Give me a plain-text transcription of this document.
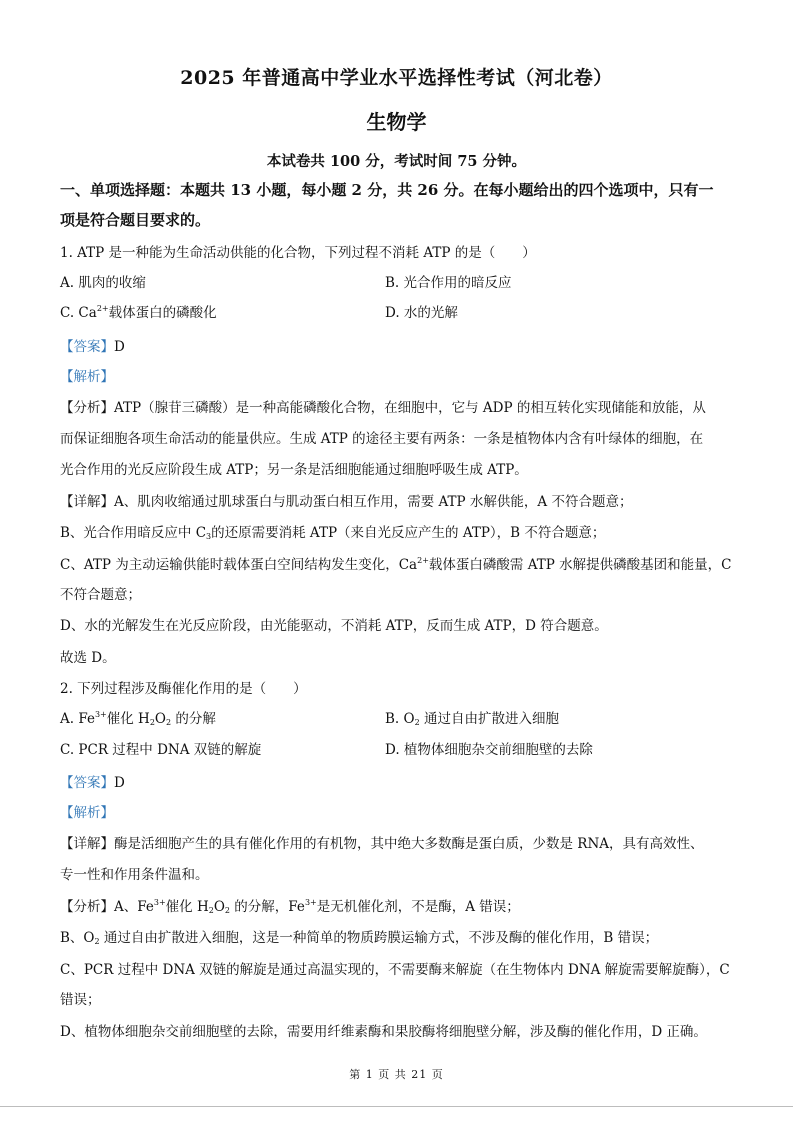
2025 年普通高中学业水平选择性考试（河北卷）
生物学
本试卷共 100 分，考试时间 75 分钟。
一、单项选择题：本题共 13 小题，每小题 2 分，共 26 分。在每小题给出的四个选项中，只有一
项是符合题目要求的。
1. ATP 是一种能为生命活动供能的化合物，下列过程不消耗 ATP 的是（　　）
A. 肌肉的收缩	B. 光合作用的暗反应
C. $Ca^{2+}$载体蛋白的磷酸化	D. 水的光解
【答案】D
【解析】
【分析】ATP（腺苷三磷酸）是一种高能磷酸化合物，在细胞中，它与 ADP 的相互转化实现储能和放能，从
而保证细胞各项生命活动的能量供应。生成 ATP 的途径主要有两条：一条是植物体内含有叶绿体的细胞，在
光合作用的光反应阶段生成 ATP；另一条是活细胞能通过细胞呼吸生成 ATP。
【详解】A、肌肉收缩通过肌球蛋白与肌动蛋白相互作用，需要 ATP 水解供能，A 不符合题意；
B、光合作用暗反应中 $C_3$的还原需要消耗 ATP（来自光反应产生的 ATP），B 不符合题意；
C、ATP 为主动运输供能时载体蛋白空间结构发生变化，$Ca^{2+}$载体蛋白磷酸需 ATP 水解提供磷酸基团和能量，C
不符合题意；
D、水的光解发生在光反应阶段，由光能驱动，不消耗 ATP，反而生成 ATP，D 符合题意。
故选 D。
2. 下列过程涉及酶催化作用的是（　　）
A. $Fe^{3+}$催化 $H_2O_2$ 的分解	B. $O_2$ 通过自由扩散进入细胞
C. PCR 过程中 DNA 双链的解旋	D. 植物体细胞杂交前细胞壁的去除
【答案】D
【解析】
【详解】酶是活细胞产生的具有催化作用的有机物，其中绝大多数酶是蛋白质，少数是 RNA，具有高效性、
专一性和作用条件温和。
【分析】A、$Fe^{3+}$催化 $H_2O_2$ 的分解，$Fe^{3+}$是无机催化剂，不是酶，A 错误；
B、$O_2$ 通过自由扩散进入细胞，这是一种简单的物质跨膜运输方式，不涉及酶的催化作用，B 错误；
C、PCR 过程中 DNA 双链的解旋是通过高温实现的，不需要酶来解旋（在生物体内 DNA 解旋需要解旋酶），C
错误；
D、植物体细胞杂交前细胞壁的去除，需要用纤维素酶和果胶酶将细胞壁分解，涉及酶的催化作用，D 正确。
第 1 页 共 21 页
